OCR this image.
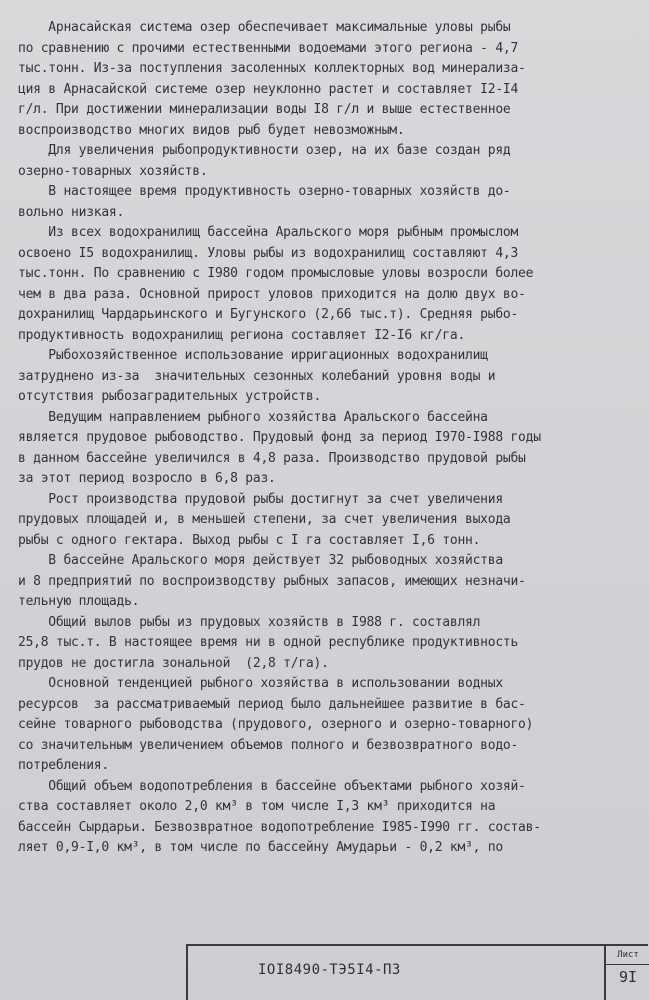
Арнасайская система озер обеспечивает максимальные уловы рыбы
по сравнению с прочими естественными водоемами этого региона - 4,7
тыс.тонн. Из-за поступления засоленных коллекторных вод минерализа-
ция в Арнасайской системе озер неуклонно растет и составляет I2-I4
г/л. При достижении минерализации воды I8 г/л и выше естественное
воспроизводство многих видов рыб будет невозможным.
Для увеличения рыбопродуктивности озер, на их базе создан ряд
озерно-товарных хозяйств.
В настоящее время продуктивность озерно-товарных хозяйств до-
вольно низкая.
Из всех водохранилищ бассейна Аральского моря рыбным промыслом
освоено I5 водохранилищ. Уловы рыбы из водохранилищ составляют 4,3
тыс.тонн. По сравнению с I980 годом промысловые уловы возросли более
чем в два раза. Основной прирост уловов приходится на долю двух во-
дохранилищ Чардарьинского и Бугунского (2,66 тыс.т). Средняя рыбо-
продуктивность водохранилищ региона составляет I2-I6 кг/га.
Рыбохозяйственное использование ирригационных водохранилищ
затруднено из-за  значительных сезонных колебаний уровня воды и
отсутствия рыбозаградительных устройств.
Ведущим направлением рыбного хозяйства Аральского бассейна
является прудовое рыбоводство. Прудовый фонд за период I970-I988 годы
в данном бассейне увеличился в 4,8 раза. Производство прудовой рыбы
за этот период возросло в 6,8 раз.
Рост производства прудовой рыбы достигнут за счет увеличения
прудовых площадей и, в меньшей степени, за счет увеличения выхода
рыбы с одного гектара. Выход рыбы с I га составляет I,6 тонн.
В бассейне Аральского моря действует 32 рыбоводных хозяйства
и 8 предприятий по воспроизводству рыбных запасов, имеющих незначи-
тельную площадь.
Общий вылов рыбы из прудовых хозяйств в I988 г. составлял
25,8 тыс.т. В настоящее время ни в одной республике продуктивность
прудов не достигла зональной  (2,8 т/га).
Основной тенденцией рыбного хозяйства в использовании водных
ресурсов  за рассматриваемый период было дальнейшее развитие в бас-
сейне товарного рыбоводства (прудового, озерного и озерно-товарного)
со значительным увеличением объемов полного и безвозвратного водо-
потребления.
Общий объем водопотребления в бассейне объектами рыбного хозяй-
ства составляет около 2,0 км³ в том числе I,3 км³ приходится на
бассейн Сырдарьи. Безвозвратное водопотребление I985-I990 гг. состав-
ляет 0,9-I,0 км³, в том числе по бассейну Амударьи - 0,2 км³, по
IOI8490-ТЭ5I4-ПЗ
Лист
9I
